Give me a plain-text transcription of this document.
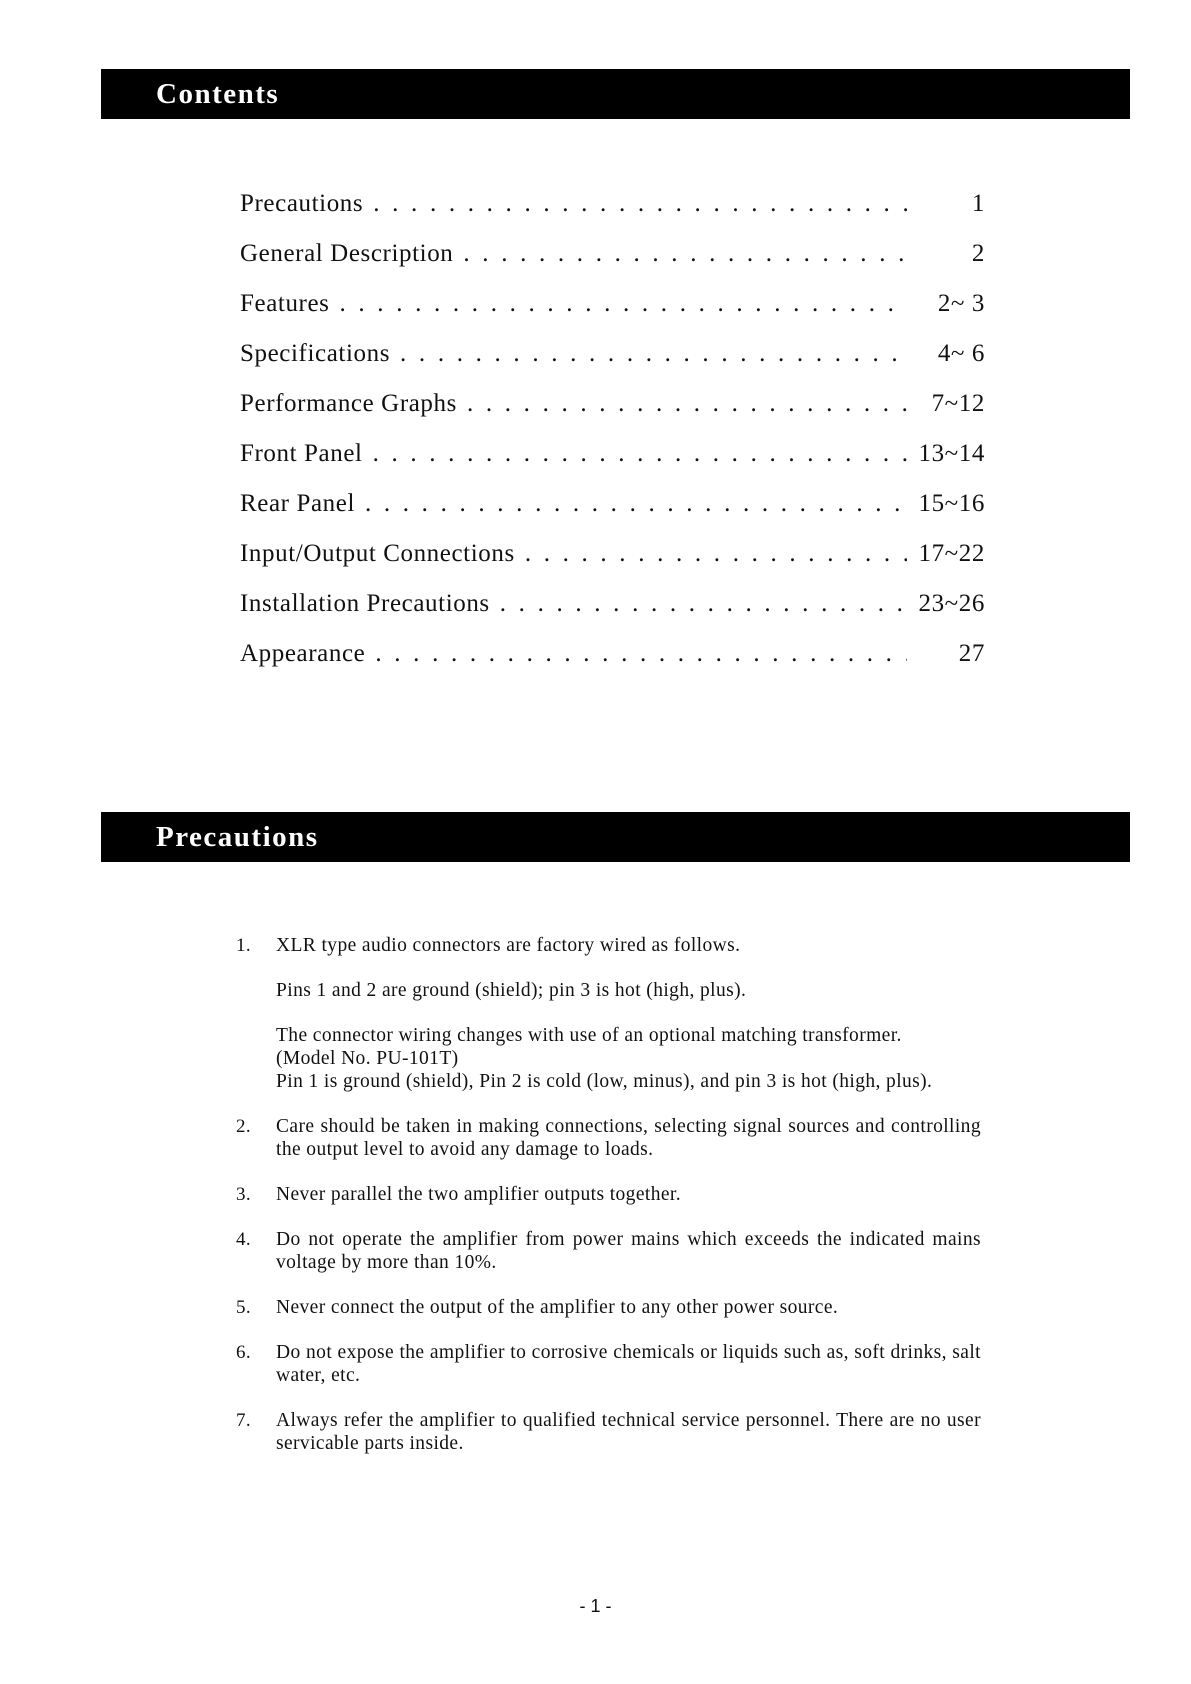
Contents
Precautions . . .	1
General Description . . .	2
Features . . .	2~ 3
Specifications . . .	4~ 6
Performance Graphs . . .	7~12
Front Panel . . .	13~14
Rear Panel . . .	15~16
Input/Output Connections . . .	17~22
Installation Precautions . . .	23~26
Appearance . . .	27
Precautions
1.	XLR type audio connectors are factory wired as follows.
Pins 1 and 2 are ground (shield); pin 3 is hot (high, plus).
The connector wiring changes with use of an optional matching transformer.
(Model No. PU-101T)
Pin 1 is ground (shield), Pin 2 is cold (low, minus), and pin 3 is hot (high, plus).
2.	Care should be taken in making connections, selecting signal sources and controlling the output level to avoid any damage to loads.
3.	Never parallel the two amplifier outputs together.
4.	Do not operate the amplifier from power mains which exceeds the indicated mains voltage by more than 10%.
5.	Never connect the output of the amplifier to any other power source.
6.	Do not expose the amplifier to corrosive chemicals or liquids such as, soft drinks, salt water, etc.
7.	Always refer the amplifier to qualified technical service personnel. There are no user servicable parts inside.
- 1 -
